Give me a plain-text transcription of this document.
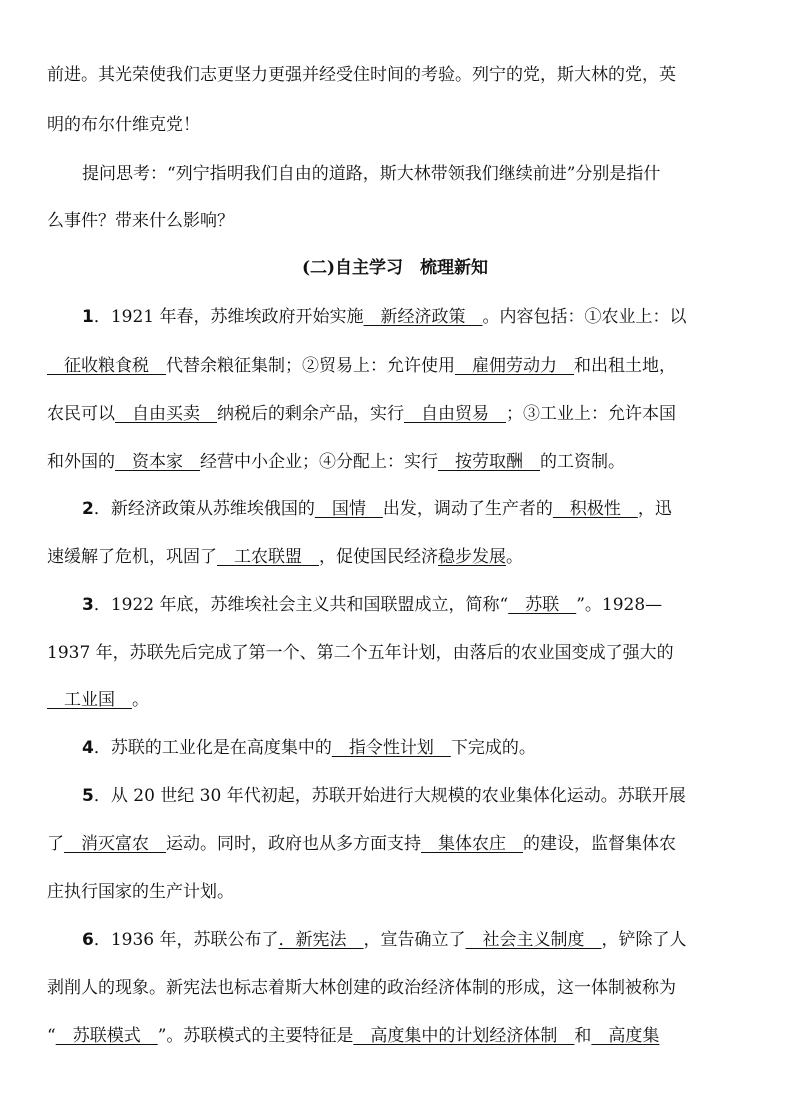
前进。其光荣使我们志更坚力更强并经受住时间的考验。列宁的党，斯大林的党，英
明的布尔什维克党！
提问思考：“列宁指明我们自由的道路，斯大林带领我们继续前进”分别是指什
么事件？带来什么影响？
(二)自主学习　梳理新知
1．1921 年春，苏维埃政府开始实施　新经济政策　。内容包括：①农业上：以
　征收粮食税　代替余粮征集制；②贸易上：允许使用　雇佣劳动力　和出租土地，
农民可以　自由买卖　纳税后的剩余产品，实行　自由贸易　；③工业上：允许本国
和外国的　资本家　经营中小企业；④分配上：实行　按劳取酬　的工资制。
2．新经济政策从苏维埃俄国的　国情　出发，调动了生产者的　积极性　，迅
速缓解了危机，巩固了　工农联盟　，促使国民经济稳步发展。
3．1922 年底，苏维埃社会主义共和国联盟成立，简称“　苏联　”。1928—
1937 年，苏联先后完成了第一个、第二个五年计划，由落后的农业国变成了强大的
　工业国　。
4．苏联的工业化是在高度集中的　指令性计划　下完成的。
5．从 20 世纪 30 年代初起，苏联开始进行大规模的农业集体化运动。苏联开展
了　消灭富农　运动。同时，政府也从多方面支持　集体农庄　的建设，监督集体农
庄执行国家的生产计划。
6．1936 年，苏联公布了．新宪法　，宣告确立了　社会主义制度　，铲除了人
剥削人的现象。新宪法也标志着斯大林创建的政治经济体制的形成，这一体制被称为
“　苏联模式　”。苏联模式的主要特征是　高度集中的计划经济体制　和　高度集
